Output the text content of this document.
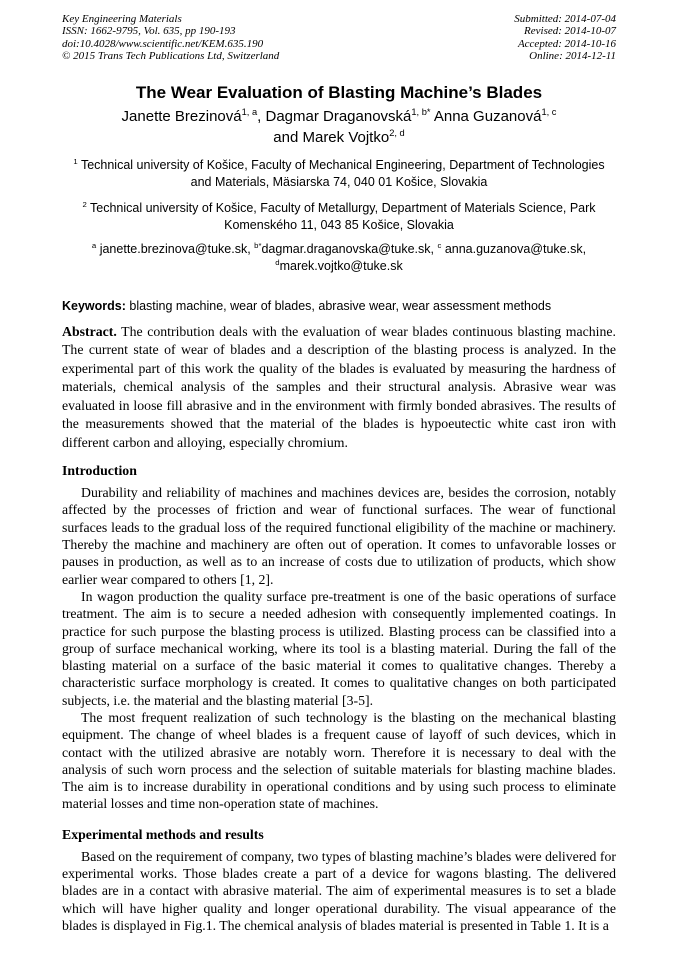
Key Engineering Materials
ISSN: 1662-9795, Vol. 635, pp 190-193
doi:10.4028/www.scientific.net/KEM.635.190
© 2015 Trans Tech Publications Ltd, Switzerland
Submitted: 2014-07-04
Revised: 2014-10-07
Accepted: 2014-10-16
Online: 2014-12-11
The Wear Evaluation of Blasting Machine’s Blades
Janette Brezinová$^{1, a}$, Dagmar Draganovská$^{1, b*}$ Anna Guzanová$^{1, c}$
and Marek Vojtko$^{2, d}$

$^1$ Technical university of Košice, Faculty of Mechanical Engineering, Department of Technologies and Materials, Mäsiarska 74, 040 01 Košice, Slovakia

$^2$ Technical university of Košice, Faculty of Metallurgy, Department of Materials Science, Park Komenského 11, 043 85 Košice, Slovakia

$^a$ janette.brezinova@tuke.sk, $^{b*}$dagmar.draganovska@tuke.sk, $^c$ anna.guzanova@tuke.sk,
$^d$marek.vojtko@tuke.sk

Keywords: blasting machine, wear of blades, abrasive wear, wear assessment methods

Abstract. The contribution deals with the evaluation of wear blades continuous blasting machine. The current state of wear of blades and a description of the blasting process is analyzed. In the experimental part of this work the quality of the blades is evaluated by measuring the hardness of materials, chemical analysis of the samples and their structural analysis. Abrasive wear was evaluated in loose fill abrasive and in the environment with firmly bonded abrasives. The results of the measurements showed that the material of the blades is hypoeutectic white cast iron with different carbon and alloying, especially chromium.

Introduction

Durability and reliability of machines and machines devices are, besides the corrosion, notably affected by the processes of friction and wear of functional surfaces. The wear of functional surfaces leads to the gradual loss of the required functional eligibility of the machine or machinery. Thereby the machine and machinery are often out of operation. It comes to unfavorable losses or pauses in production, as well as to an increase of costs due to utilization of products, which show earlier wear compared to others [1, 2].

In wagon production the quality surface pre-treatment is one of the basic operations of surface treatment. The aim is to secure a needed adhesion with consequently implemented coatings. In practice for such purpose the blasting process is utilized. Blasting process can be classified into a group of surface mechanical working, where its tool is a blasting material. During the fall of the blasting material on a surface of the basic material it comes to qualitative changes. Thereby a characteristic surface morphology is created. It comes to qualitative changes on both participated subjects, i.e. the material and the blasting material [3-5].

The most frequent realization of such technology is the blasting on the mechanical blasting equipment. The change of wheel blades is a frequent cause of layoff of such devices, which in contact with the utilized abrasive are notably worn. Therefore it is necessary to deal with the analysis of such worn process and the selection of suitable materials for blasting machine blades. The aim is to increase durability in operational conditions and by using such process to eliminate material losses and time non-operation state of machines.

Experimental methods and results

Based on the requirement of company, two types of blasting machine’s blades were delivered for experimental works. Those blades create a part of a device for wagons blasting. The delivered blades are in a contact with abrasive material. The aim of experimental measures is to set a blade which will have higher quality and longer operational durability. The visual appearance of the blades is displayed in Fig.1. The chemical analysis of blades material is presented in Table 1. It is a
